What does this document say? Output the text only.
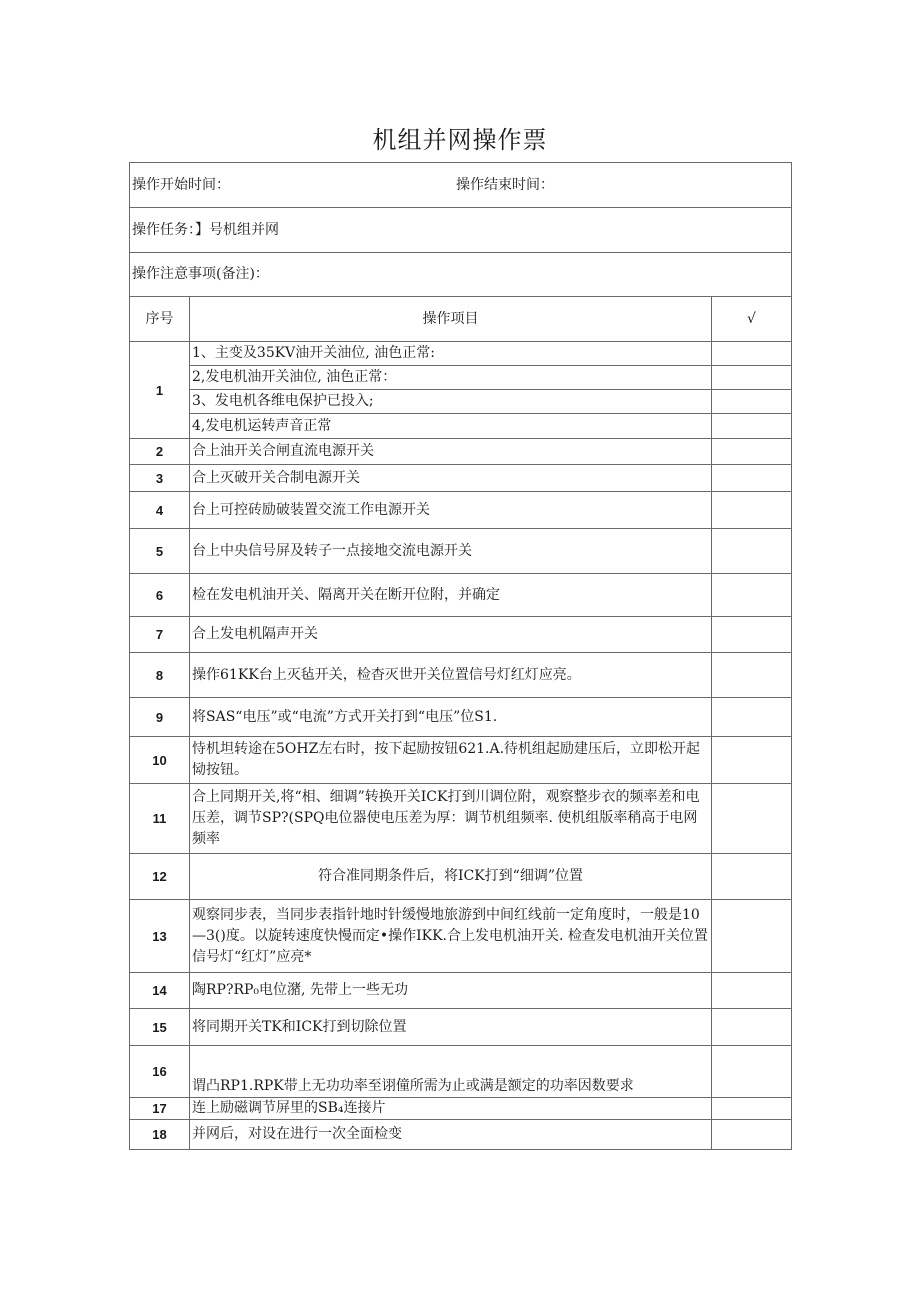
机组并网操作票
操作开始时间： 操作结束时间：		

操作任务：】号机组并网		
操作注意事项(备注)：		
序号	操作项目	√
1	1、主变及35KV油开关油位, 油色正常:	
	2,发电机油开关油位, 油色正常：	
	3、发电机各维电保护已投入;	
	4,发电机运转声音正常	
2	合上油开关合闸直流电源开关	
3	合上灭破开关合制电源开关	
4	台上可控砖励破装置交流工作电源开关	
5	台上中央信号屏及转子一点接地交流电源开关	
6	检在发电机油开关、隔离开关在断开位附，并确定	
7	合上发电机隔声开关	
8	操作61KK台上灭毡开关，检杳灭世开关位置信号灯红灯应亮。	
9	将SAS“电压”或“电流”方式开关打到“电压”位S1.	
10	恃机坦转途在5OHZ左右时，按下起励按钮621.A.待机组起励建压后，立即松开起恸按钮。	
11	合上同期开关,将“相、细调”转换开关ICK打到川调位附，观察整步衣的频率差和电压差，调节SP?(SPQ电位器使电压差为厚：调节机组频率. 使机组版率稍高于电网频率	
12	符合准同期条件后，将ICK打到“细调”位置	
13	观察同步表，当同步表指针地时针缓慢地旅游到中间红线前一定角度时，一般是10—3()度。以旋转速度快慢而定•操作IKK.合上发电机油开关. 检查发电机油开关位置信号灯“红灯”应亮*	
14	陶RP?RP₀电位潴, 先带上一些无功	
15	将同期开关TK和ICK打到切除位置	
16	谓凸RP1.RPK带上无功功率至诩僮所需为止或满是额定的功率因数要求	
17	连上励磁调节屏里的SB₄连接片	
18	并网后，对设在进行一次全面检变	
